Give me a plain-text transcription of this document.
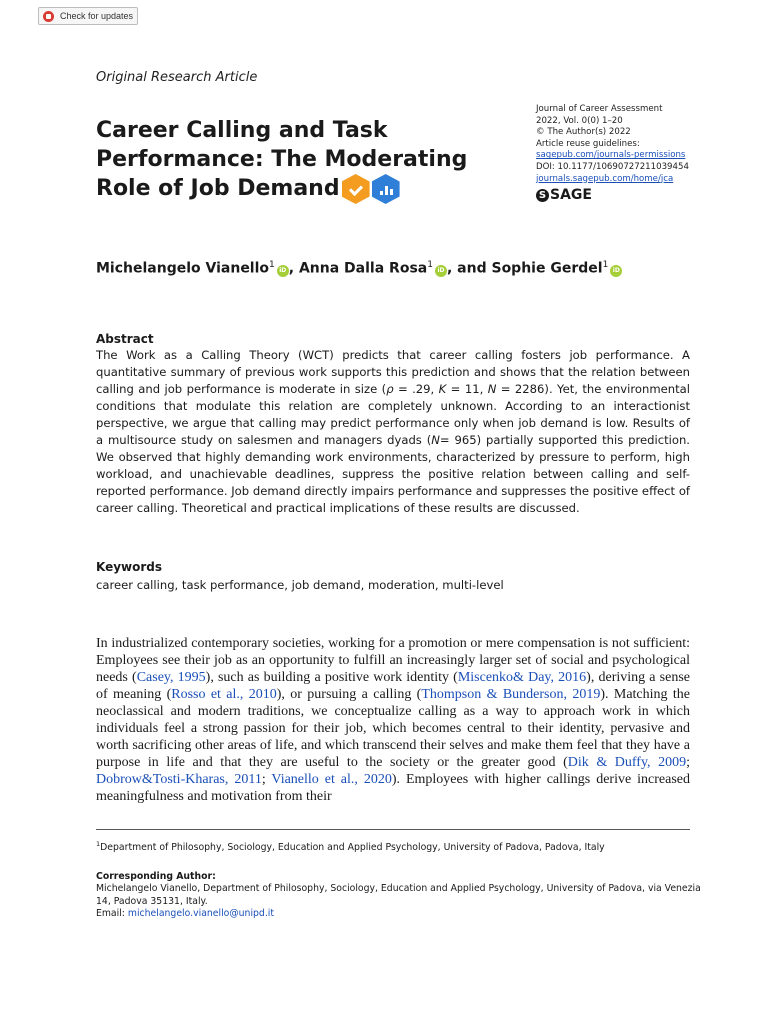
Check for updates
Original Research Article
Career Calling and Task
Performance: The Moderating
Role of Job Demand
Journal of Career Assessment
2022, Vol. 0(0) 1–20
© The Author(s) 2022
Article reuse guidelines:
sagepub.com/journals-permissions
DOI: 10.1177/10690727211039454
journals.sagepub.com/home/jca
S SAGE
Michelangelo Vianello$^1$iD , Anna Dalla Rosa$^1$iD , and Sophie Gerdel$^1$iD
Abstract

The Work as a Calling Theory (WCT) predicts that career calling fosters job performance. A quantitative summary of previous work supports this prediction and shows that the relation between calling and job performance is moderate in size (ρ = .29, K = 11, N = 2286). Yet, the environmental conditions that modulate this relation are completely unknown. According to an interactionist perspective, we argue that calling may predict performance only when job demand is low. Results of a multisource study on salesmen and managers dyads (N= 965) partially supported this prediction. We observed that highly demanding work environments, characterized by pressure to perform, high workload, and unachievable deadlines, suppress the positive relation between calling and self-reported performance. Job demand directly impairs performance and suppresses the positive effect of career calling. Theoretical and practical implications of these results are discussed.

Keywords

career calling, task performance, job demand, moderation, multi-level

In industrialized contemporary societies, working for a promotion or mere compensation is not sufficient: Employees see their job as an opportunity to fulfill an increasingly larger set of social and psychological needs (Casey, 1995), such as building a positive work identity (Miscenko& Day, 2016), deriving a sense of meaning (Rosso et al., 2010), or pursuing a calling (Thompson & Bunderson, 2019). Matching the neoclassical and modern traditions, we conceptualize calling as a way to approach work in which individuals feel a strong passion for their job, which becomes central to their identity, pervasive and worth sacrificing other areas of life, and which transcend their selves and make them feel that they have a purpose in life and that they are useful to the society or the greater good (Dik & Duffy, 2009; Dobrow&Tosti-Kharas, 2011; Vianello et al., 2020). Employees with higher callings derive increased meaningfulness and motivation from their

$^1$Department of Philosophy, Sociology, Education and Applied Psychology, University of Padova, Padova, Italy

Corresponding Author:

Michelangelo Vianello, Department of Philosophy, Sociology, Education and Applied Psychology, University of Padova, via Venezia 14, Padova 35131, Italy.

Email: michelangelo.vianello@unipd.it
